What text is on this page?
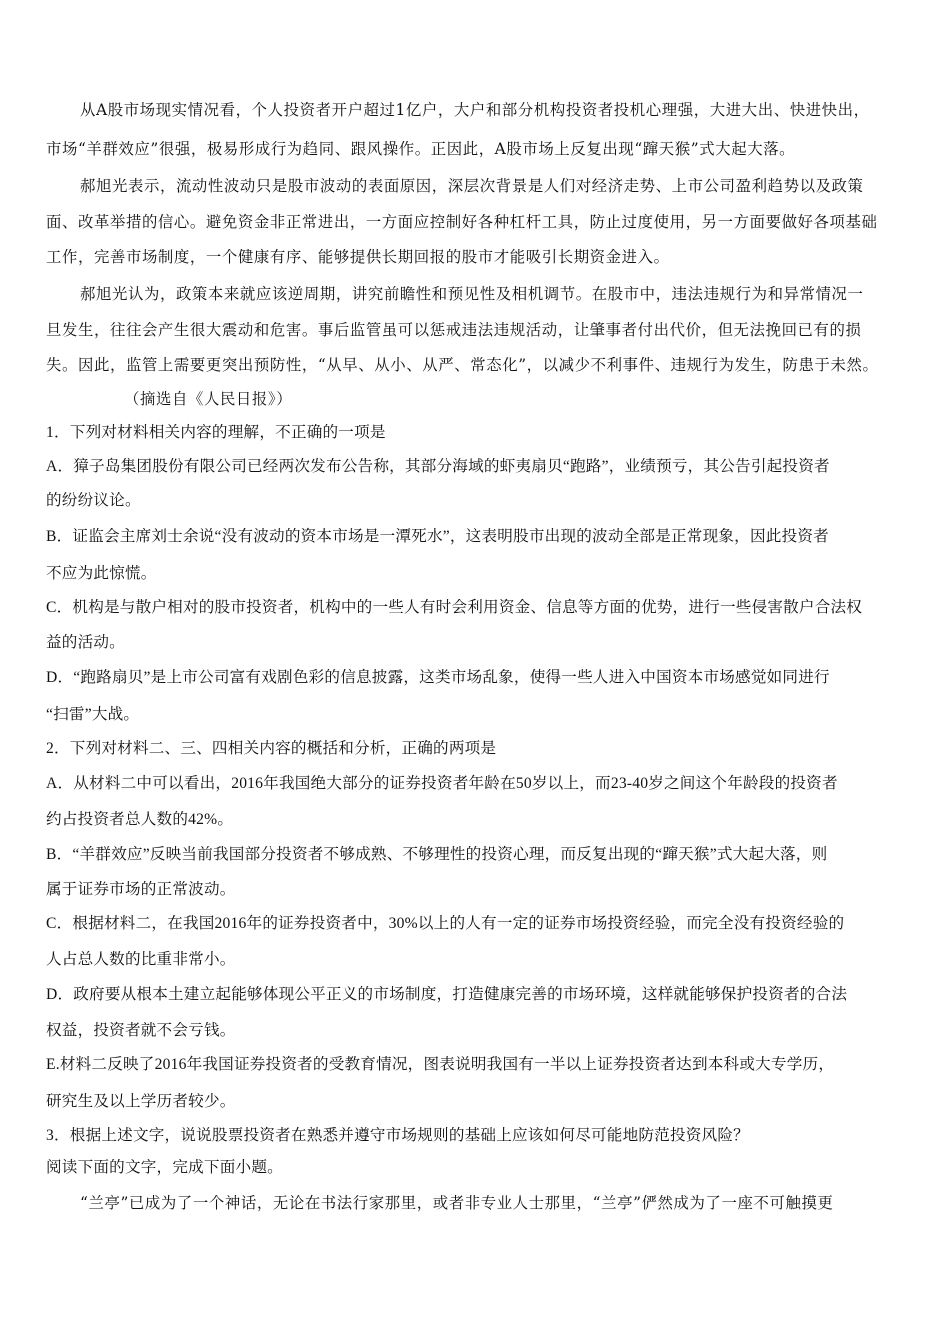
从A股市场现实情况看，个人投资者开户超过1亿户，大户和部分机构投资者投机心理强，大进大出、快进快出，
市场“羊群效应”很强，极易形成行为趋同、跟风操作。正因此，A股市场上反复出现“蹿天猴”式大起大落。
郝旭光表示，流动性波动只是股市波动的表面原因，深层次背景是人们对经济走势、上市公司盈利趋势以及政策
面、改革举措的信心。避免资金非正常进出，一方面应控制好各种杠杆工具，防止过度使用，另一方面要做好各项基础
工作，完善市场制度，一个健康有序、能够提供长期回报的股市才能吸引长期资金进入。
郝旭光认为，政策本来就应该逆周期，讲究前瞻性和预见性及相机调节。在股市中，违法违规行为和异常情况一
旦发生，往往会产生很大震动和危害。事后监管虽可以惩戒违法违规活动，让肇事者付出代价，但无法挽回已有的损
失。因此，监管上需要更突出预防性，“从早、从小、从严、常态化”，以减少不利事件、违规行为发生，防患于未然。
（摘选自《人民日报》）
1．下列对材料相关内容的理解，不正确的一项是
A．獐子岛集团股份有限公司已经两次发布公告称，其部分海域的虾夷扇贝“跑路”，业绩预亏，其公告引起投资者
的纷纷议论。
B．证监会主席刘士余说“没有波动的资本市场是一潭死水”，这表明股市出现的波动全部是正常现象，因此投资者
不应为此惊慌。
C．机构是与散户相对的股市投资者，机构中的一些人有时会利用资金、信息等方面的优势，进行一些侵害散户合法权
益的活动。
D．“跑路扇贝”是上市公司富有戏剧色彩的信息披露，这类市场乱象，使得一些人进入中国资本市场感觉如同进行
“扫雷”大战。
2．下列对材料二、三、四相关内容的概括和分析，正确的两项是
A．从材料二中可以看出，2016年我国绝大部分的证券投资者年龄在50岁以上，而23-40岁之间这个年龄段的投资者
约占投资者总人数的42%。
B．“羊群效应”反映当前我国部分投资者不够成熟、不够理性的投资心理，而反复出现的“蹿天猴”式大起大落，则
属于证券市场的正常波动。
C．根据材料二，在我国2016年的证券投资者中，30%以上的人有一定的证券市场投资经验，而完全没有投资经验的
人占总人数的比重非常小。
D．政府要从根本土建立起能够体现公平正义的市场制度，打造健康完善的市场环境，这样就能够保护投资者的合法
权益，投资者就不会亏钱。
E.材料二反映了2016年我国证券投资者的受教育情况，图表说明我国有一半以上证券投资者达到本科或大专学历，
研究生及以上学历者较少。
3．根据上述文字，说说股票投资者在熟悉并遵守市场规则的基础上应该如何尽可能地防范投资风险？
阅读下面的文字，完成下面小题。
“兰亭”已成为了一个神话，无论在书法行家那里，或者非专业人士那里，“兰亭”俨然成为了一座不可触摸更
